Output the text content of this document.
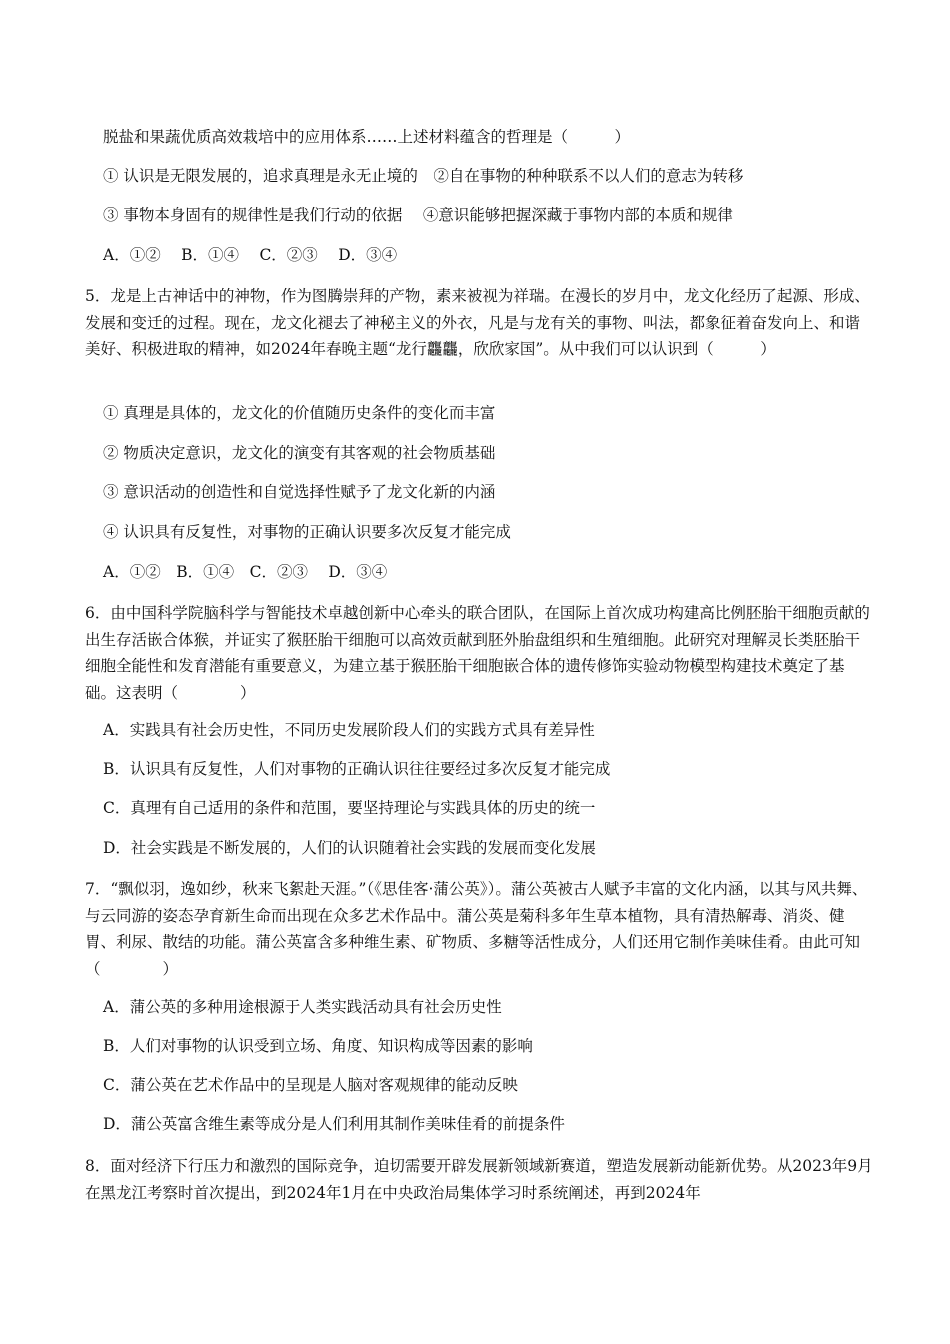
脱盐和果蔬优质高效栽培中的应用体系……上述材料蕴含的哲理是（　　　）
① 认识是无限发展的，追求真理是永无止境的　②自在事物的种种联系不以人们的意志为转移
③ 事物本身固有的规律性是我们行动的依据　 ④意识能够把握深藏于事物内部的本质和规律
A．①②　 B．①④　 C．②③　 D．③④
5．龙是上古神话中的神物，作为图腾崇拜的产物，素来被视为祥瑞。在漫长的岁月中，龙文化经历了起源、形成、发展和变迁的过程。现在，龙文化褪去了神秘主义的外衣，凡是与龙有关的事物、叫法，都象征着奋发向上、和谐美好、积极进取的精神，如2024年春晚主题“龙行龘龘，欣欣家国”。从中我们可以认识到（　　　）
① 真理是具体的，龙文化的价值随历史条件的变化而丰富
② 物质决定意识，龙文化的演变有其客观的社会物质基础
③ 意识活动的创造性和自觉选择性赋予了龙文化新的内涵
④ 认识具有反复性，对事物的正确认识要多次反复才能完成
A．①②　B．①④　C．②③　 D．③④
6．由中国科学院脑科学与智能技术卓越创新中心牵头的联合团队，在国际上首次成功构建高比例胚胎干细胞贡献的出生存活嵌合体猴，并证实了猴胚胎干细胞可以高效贡献到胚外胎盘组织和生殖细胞。此研究对理解灵长类胚胎干细胞全能性和发育潜能有重要意义，为建立基于猴胚胎干细胞嵌合体的遗传修饰实验动物模型构建技术奠定了基础。这表明（　　　　）
A．实践具有社会历史性，不同历史发展阶段人们的实践方式具有差异性
B．认识具有反复性，人们对事物的正确认识往往要经过多次反复才能完成
C．真理有自己适用的条件和范围，要坚持理论与实践具体的历史的统一
D．社会实践是不断发展的，人们的认识随着社会实践的发展而变化发展
7．“飘似羽，逸如纱，秋来飞絮赴天涯。”（《思佳客·蒲公英》）。蒲公英被古人赋予丰富的文化内涵，以其与风共舞、与云同游的姿态孕育新生命而出现在众多艺术作品中。蒲公英是菊科多年生草本植物，具有清热解毒、消炎、健胃、利尿、散结的功能。蒲公英富含多种维生素、矿物质、多糖等活性成分，人们还用它制作美味佳肴。由此可知（　　　　）
A．蒲公英的多种用途根源于人类实践活动具有社会历史性
B．人们对事物的认识受到立场、角度、知识构成等因素的影响
C．蒲公英在艺术作品中的呈现是人脑对客观规律的能动反映
D．蒲公英富含维生素等成分是人们利用其制作美味佳肴的前提条件
8．面对经济下行压力和激烈的国际竞争，迫切需要开辟发展新领域新赛道，塑造发展新动能新优势。从2023年9月在黑龙江考察时首次提出，到2024年1月在中央政治局集体学习时系统阐述，再到2024年
